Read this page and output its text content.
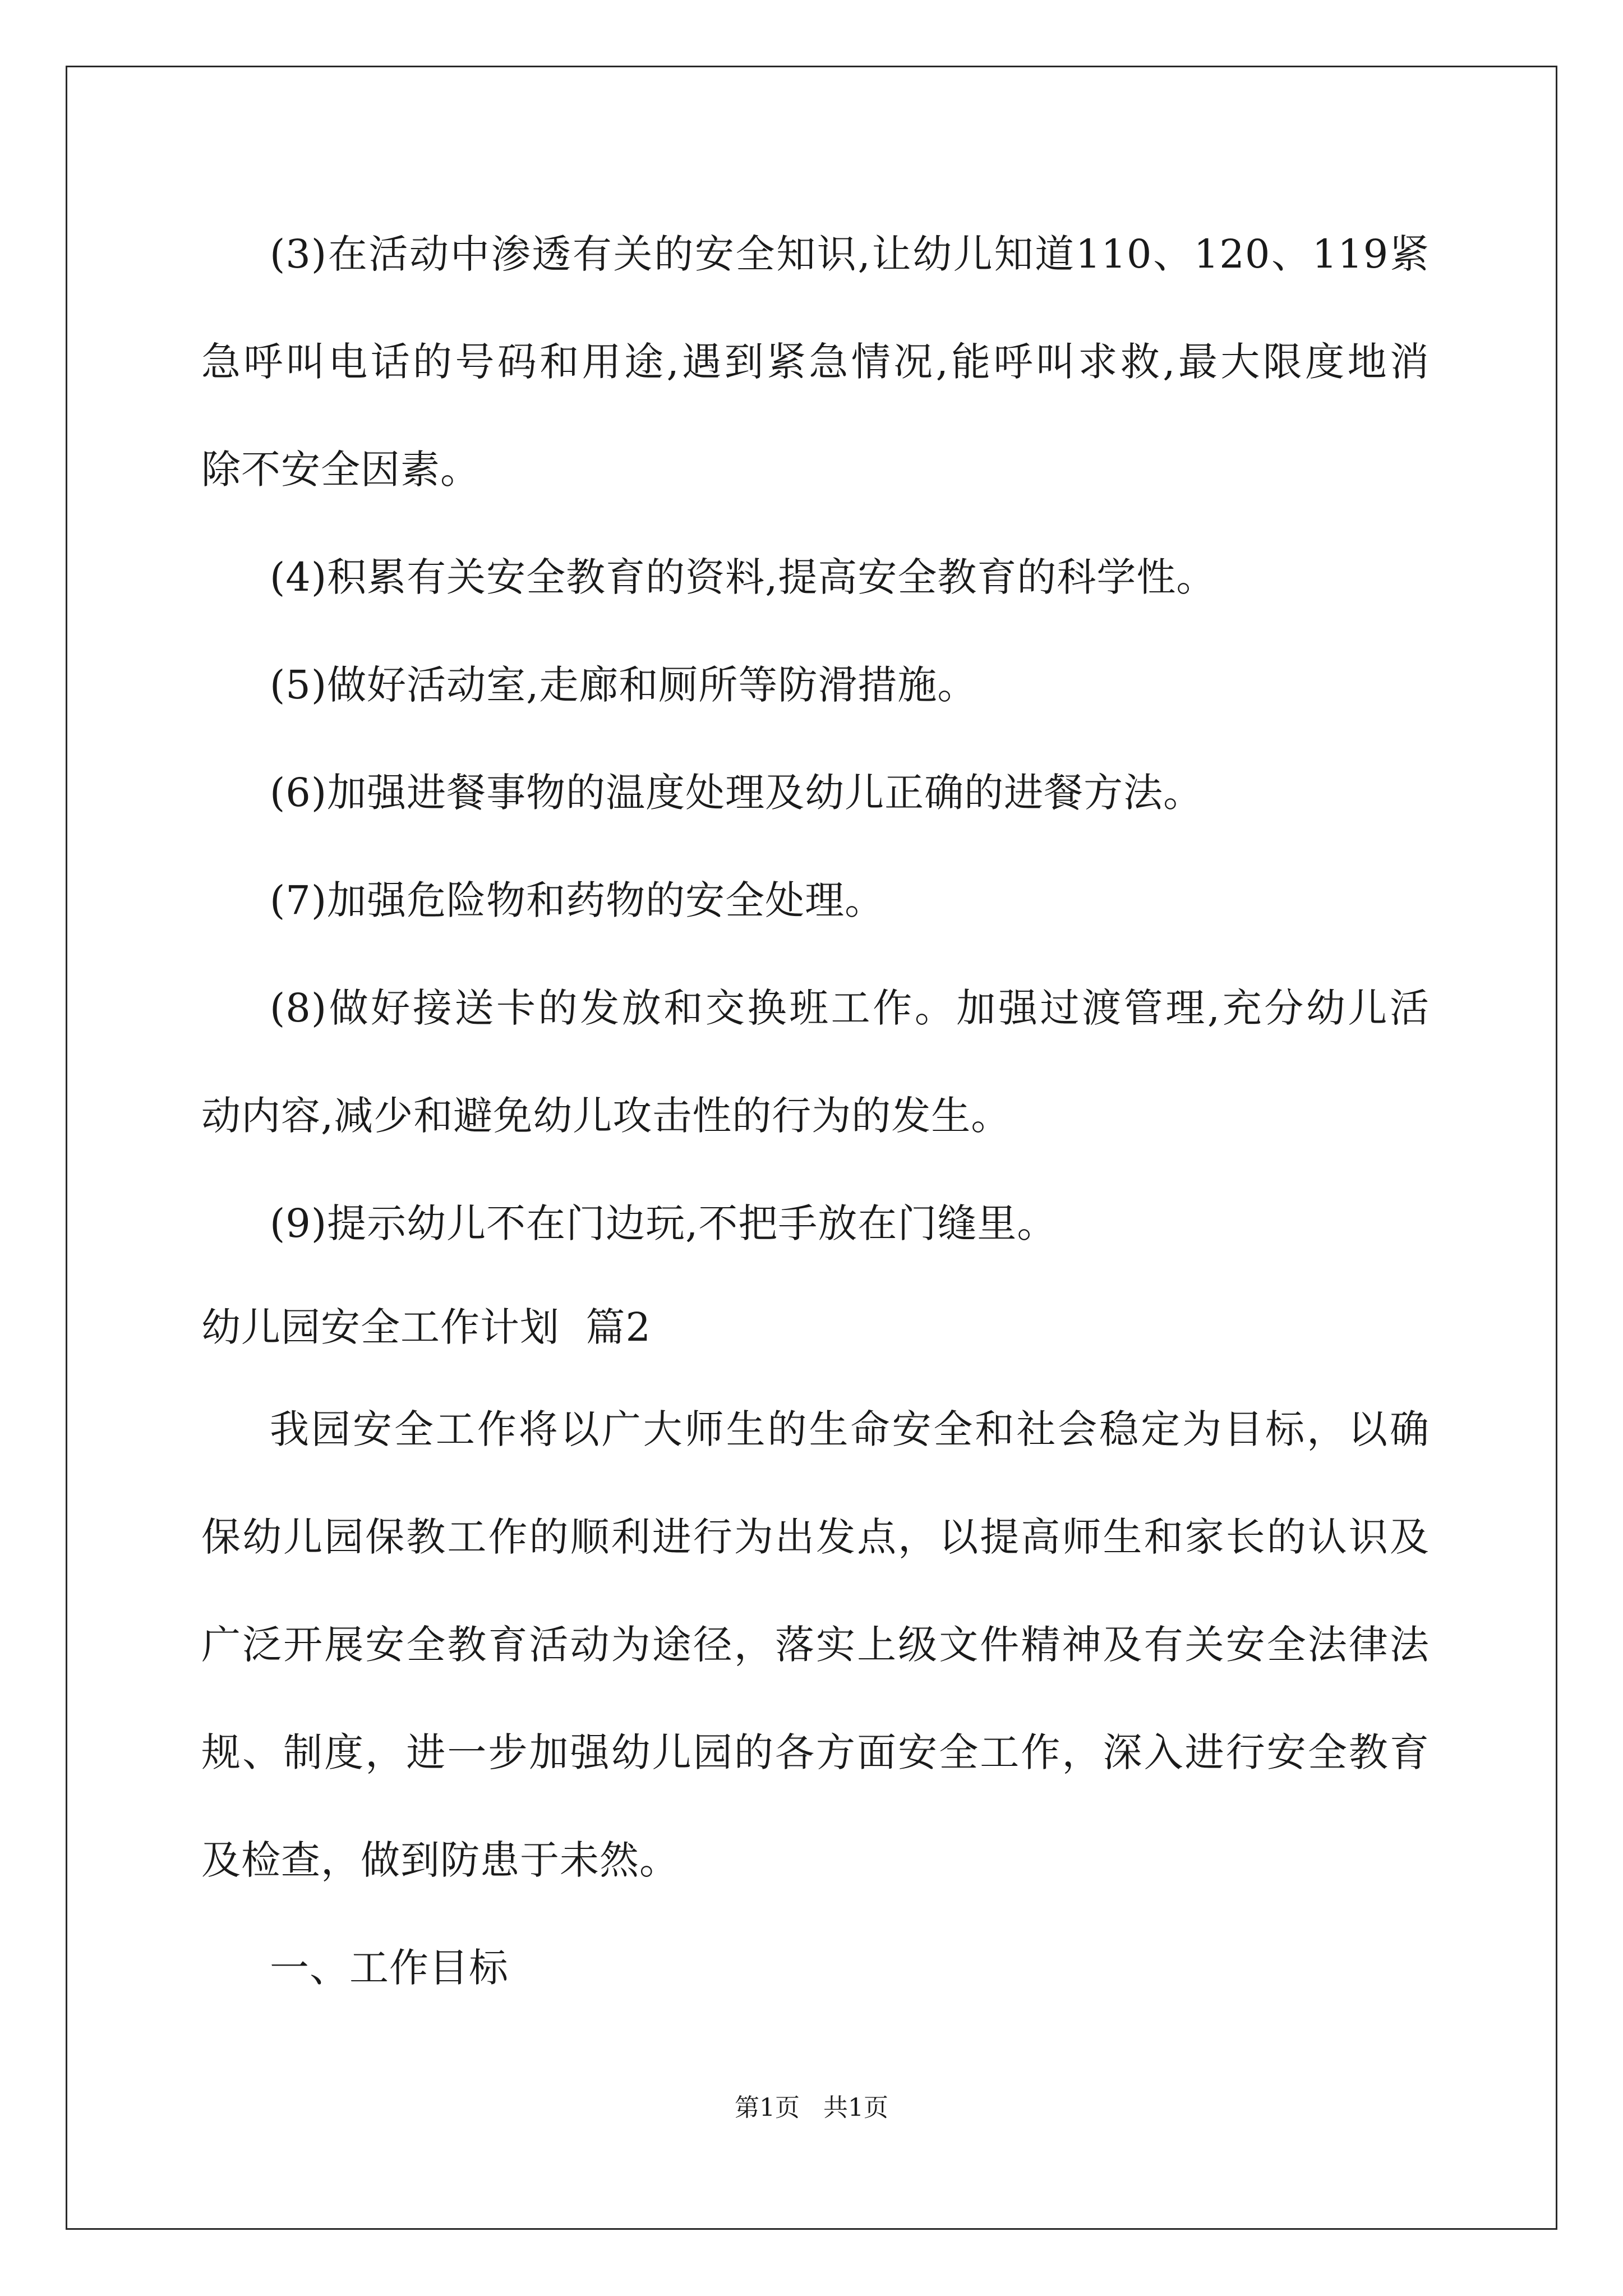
(3)在活动中渗透有关的安全知识,让幼儿知道110、120、119紧
急呼叫电话的号码和用途,遇到紧急情况,能呼叫求救,最大限度地消
除不安全因素。
(4)积累有关安全教育的资料,提高安全教育的科学性。
(5)做好活动室,走廊和厕所等防滑措施。
(6)加强进餐事物的温度处理及幼儿正确的进餐方法。
(7)加强危险物和药物的安全处理。
(8)做好接送卡的发放和交换班工作。加强过渡管理,充分幼儿活
动内容,减少和避免幼儿攻击性的行为的发生。
(9)提示幼儿不在门边玩,不把手放在门缝里。
幼儿园安全工作计划  篇2
我园安全工作将以广大师生的生命安全和社会稳定为目标，以确
保幼儿园保教工作的顺利进行为出发点，以提高师生和家长的认识及
广泛开展安全教育活动为途径，落实上级文件精神及有关安全法律法
规、制度，进一步加强幼儿园的各方面安全工作，深入进行安全教育
及检查，做到防患于未然。
一、工作目标
第1页   共1页
